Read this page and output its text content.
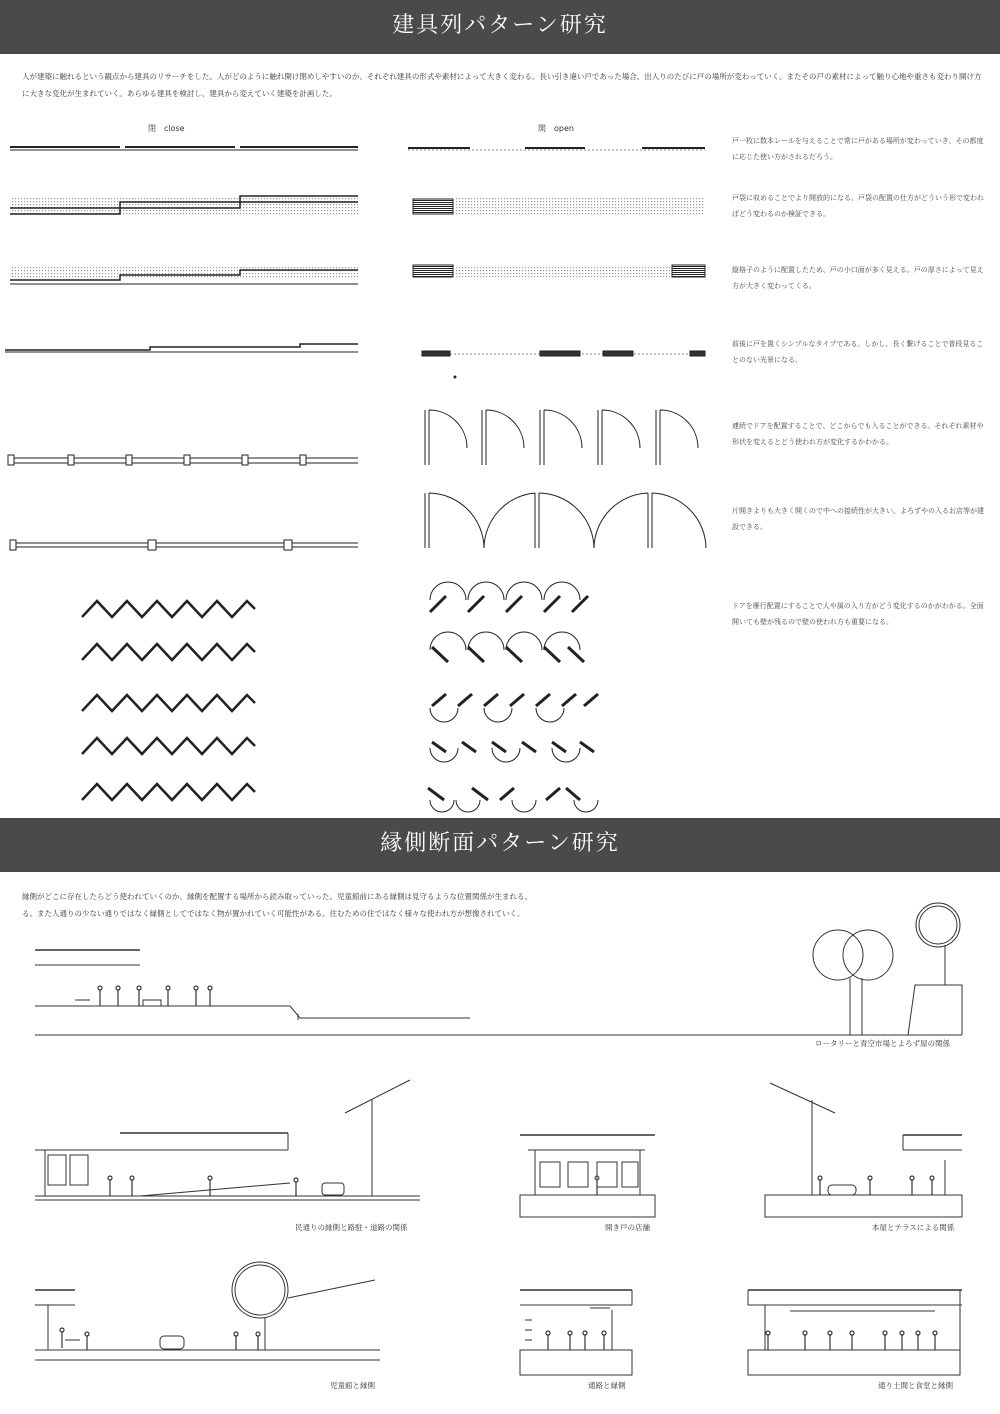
建具列パターン研究
人が建築に触れるという観点から建具のリサーチをした。人がどのように触れ開け閉めしやすいのか、それぞれ建具の形式や素材によって大きく変わる。長い引き違い戸であった場合、出入りのたびに戸の場所が変わっていく。またその戸の素材によって触り心地や重さも変わり開け方に大きな変化が生まれていく。あらゆる建具を検討し、建具から変えていく建築を計画した。
閉　close	開　open
戸一枚に数本レールを与えることで常に戸がある場所が変わっていき、その都度に応じた使い方がされるだろう。
戸袋に収めることでより開放的になる。戸袋の配置の仕方がどういう形で変わればどう変わるのか検証できる。
縦格子のように配置したため、戸の小口面が多く見える。戸の厚さによって見え方が大きく変わってくる。
前後に戸を置くシンプルなタイプである。しかし、長く繋げることで普段見ることのない光景になる。
連続でドアを配置することで、どこからでも入ることができる。それぞれ素材や形状を変えるとどう使われ方が変化するかわかる。
片開きよりも大きく開くので中への接続性が大きい。よろずやの入るお店等が建設できる。
ドアを雁行配置にすることで人や風の入り方がどう変化するのかがわかる。全面開いても壁が残るので壁の使われ方も重要になる。
縁側断面パターン研究
縁側がどこに存在したらどう使われていくのか、縁側を配置する場所から読み取っていった。児童館前にある縁側は見守るような位置関係が生まれる。
る。また人通りの少ない通りではなく縁側としてではなく物が置かれていく可能性がある。住むための住ではなく様々な使われ方が想像されていく。
ロータリーと青空市場とよろず屋の関係
民通りの縁側と路駐・道路の関係	開き戸の店舗	本屋とテラスによる関係
児童館と縁側	通路と縁側	通り土間と食堂と縁側
